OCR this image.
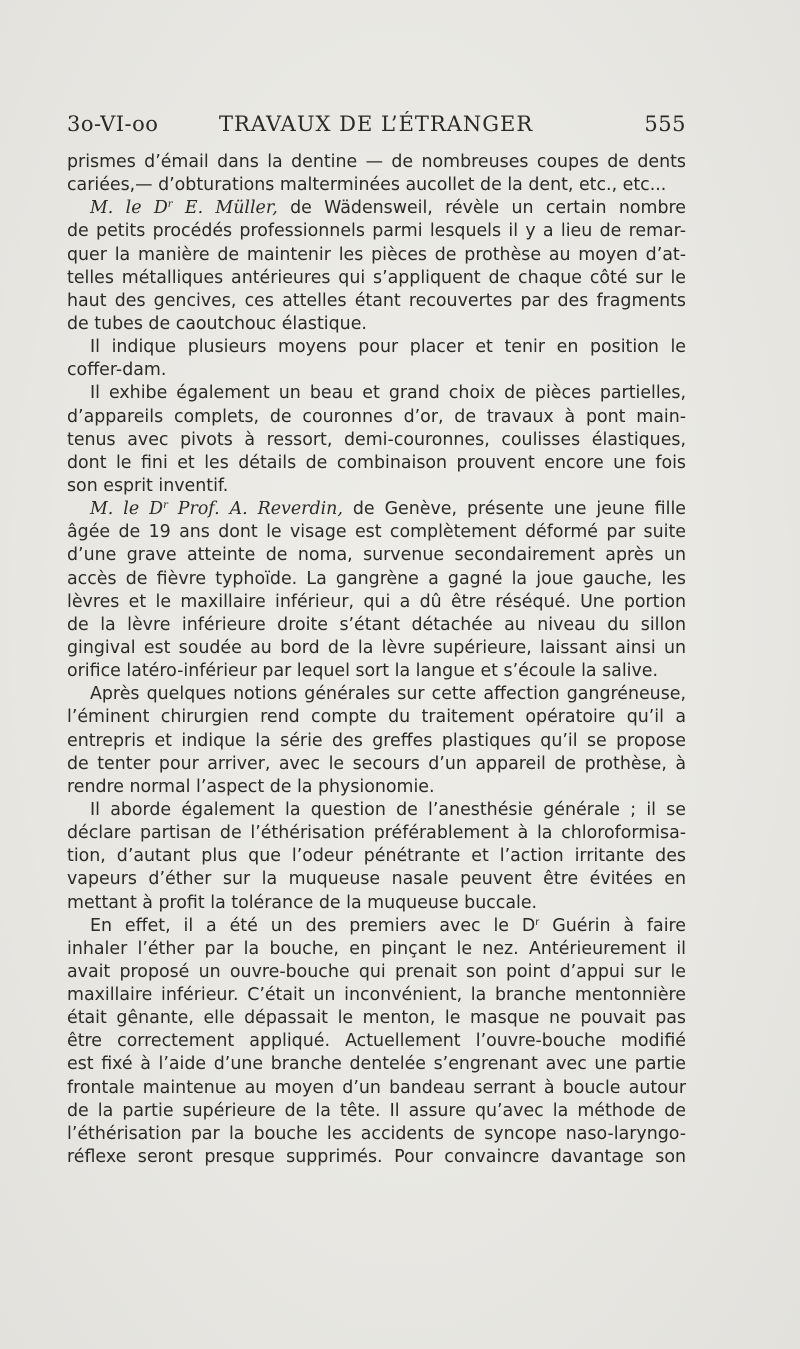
3o-VI-oo	TRAVAUX DE L’ÉTRANGER	555
prismes d’émail dans la dentine — de nombreuses coupes de dents
cariées,— d’obturations malterminées aucollet de la dent, etc., etc...
M. le $D^r$ E. Müller, de Wädensweil, révèle un certain nombre
de petits procédés professionnels parmi lesquels il y a lieu de remar-
quer la manière de maintenir les pièces de prothèse au moyen d’at-
telles métalliques antérieures qui s’appliquent de chaque côté sur le
haut des gencives, ces attelles étant recouvertes par des fragments
de tubes de caoutchouc élastique.
Il indique plusieurs moyens pour placer et tenir en position le
coffer-dam.
Il exhibe également un beau et grand choix de pièces partielles,
d’appareils complets, de couronnes d’or, de travaux à pont main-
tenus avec pivots à ressort, demi-couronnes, coulisses élastiques,
dont le fini et les détails de combinaison prouvent encore une fois
son esprit inventif.
M. le $D^r$ Prof. A. Reverdin, de Genève, présente une jeune fille
âgée de 19 ans dont le visage est complètement déformé par suite
d’une grave atteinte de noma, survenue secondairement après un
accès de fièvre typhoïde. La gangrène a gagné la joue gauche, les
lèvres et le maxillaire inférieur, qui a dû être réséqué. Une portion
de la lèvre inférieure droite s’étant détachée au niveau du sillon
gingival est soudée au bord de la lèvre supérieure, laissant ainsi un
orifice latéro-inférieur par lequel sort la langue et s’écoule la salive.
Après quelques notions générales sur cette affection gangréneuse,
l’éminent chirurgien rend compte du traitement opératoire qu’il a
entrepris et indique la série des greffes plastiques qu’il se propose
de tenter pour arriver, avec le secours d’un appareil de prothèse, à
rendre normal l’aspect de la physionomie.
Il aborde également la question de l’anesthésie générale ; il se
déclare partisan de l’éthérisation préférablement à la chloroformisa-
tion, d’autant plus que l’odeur pénétrante et l’action irritante des
vapeurs d’éther sur la muqueuse nasale peuvent être évitées en
mettant à profit la tolérance de la muqueuse buccale.
En effet, il a été un des premiers avec le $D^r$ Guérin à faire
inhaler l’éther par la bouche, en pinçant le nez. Antérieurement il
avait proposé un ouvre-bouche qui prenait son point d’appui sur le
maxillaire inférieur. C’était un inconvénient, la branche mentonnière
était gênante, elle dépassait le menton, le masque ne pouvait pas
être correctement appliqué. Actuellement l’ouvre-bouche modifié
est fixé à l’aide d’une branche dentelée s’engrenant avec une partie
frontale maintenue au moyen d’un bandeau serrant à boucle autour
de la partie supérieure de la tête. Il assure qu’avec la méthode de
l’éthérisation par la bouche les accidents de syncope naso-laryngo-
réflexe seront presque supprimés. Pour convaincre davantage son
